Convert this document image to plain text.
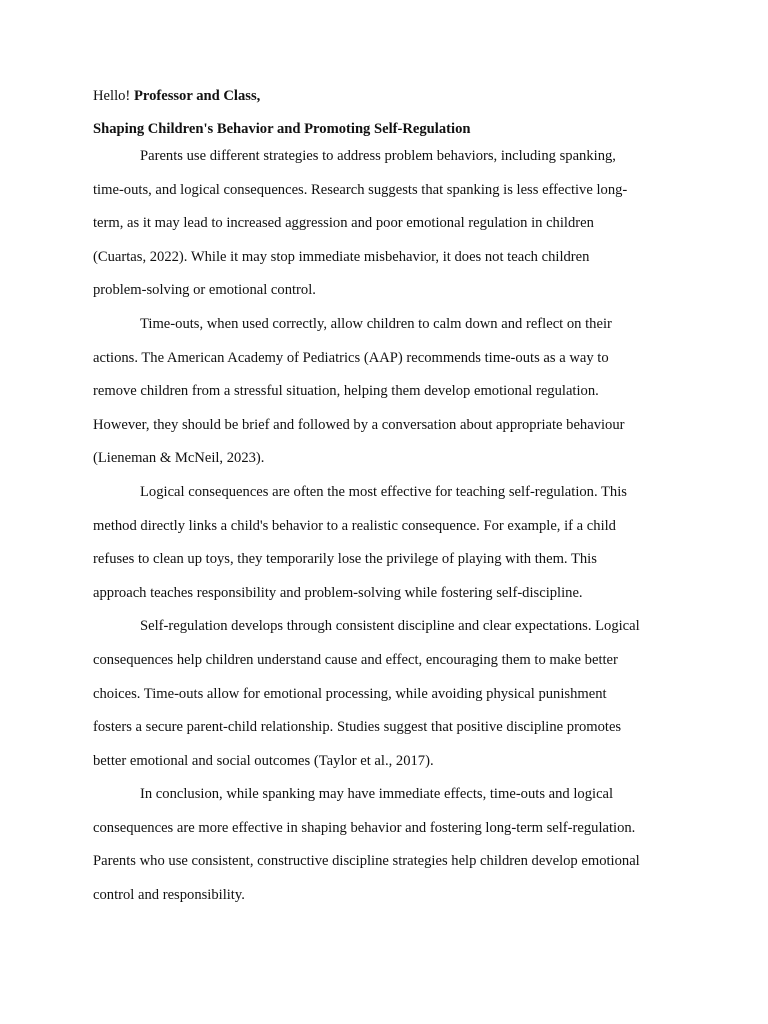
Hello! Professor and Class,

Shaping Children's Behavior and Promoting Self-Regulation

Parents use different strategies to address problem behaviors, including spanking,
time-outs, and logical consequences. Research suggests that spanking is less effective long-
term, as it may lead to increased aggression and poor emotional regulation in children
(Cuartas, 2022). While it may stop immediate misbehavior, it does not teach children
problem-solving or emotional control.

Time-outs, when used correctly, allow children to calm down and reflect on their
actions. The American Academy of Pediatrics (AAP) recommends time-outs as a way to
remove children from a stressful situation, helping them develop emotional regulation.
However, they should be brief and followed by a conversation about appropriate behaviour
(Lieneman & McNeil, 2023).

Logical consequences are often the most effective for teaching self-regulation. This
method directly links a child's behavior to a realistic consequence. For example, if a child
refuses to clean up toys, they temporarily lose the privilege of playing with them. This
approach teaches responsibility and problem-solving while fostering self-discipline.

Self-regulation develops through consistent discipline and clear expectations. Logical
consequences help children understand cause and effect, encouraging them to make better
choices. Time-outs allow for emotional processing, while avoiding physical punishment
fosters a secure parent-child relationship. Studies suggest that positive discipline promotes
better emotional and social outcomes (Taylor et al., 2017).

In conclusion, while spanking may have immediate effects, time-outs and logical
consequences are more effective in shaping behavior and fostering long-term self-regulation.
Parents who use consistent, constructive discipline strategies help children develop emotional
control and responsibility.
